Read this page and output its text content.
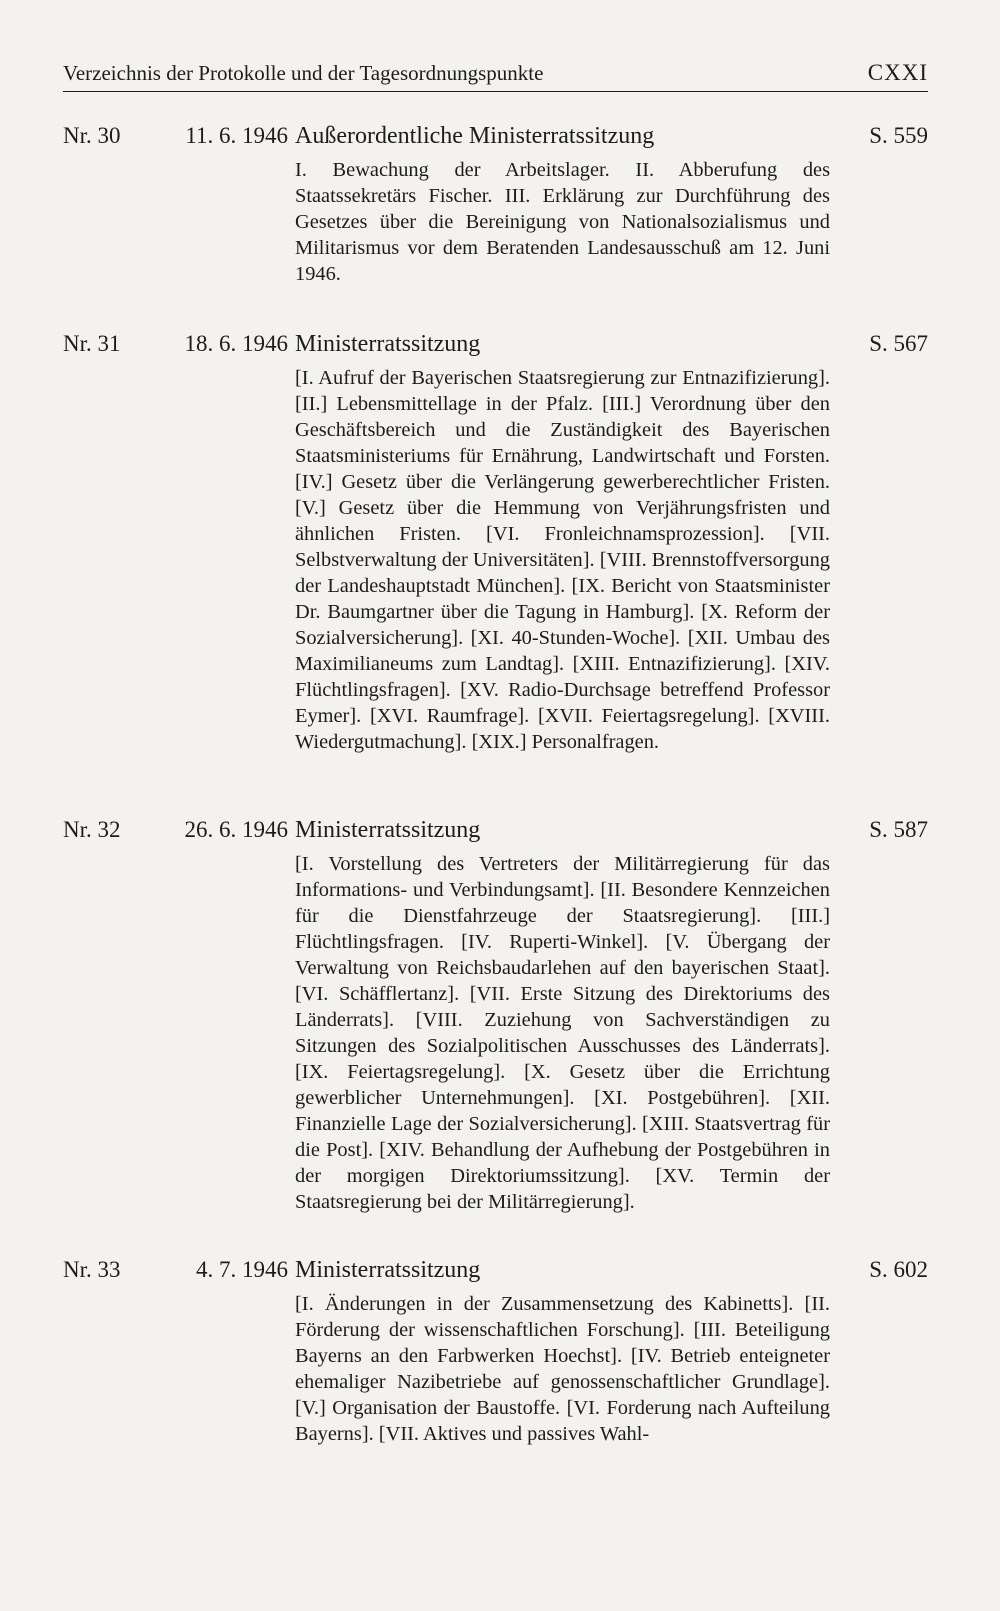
Verzeichnis der Protokolle und der Tagesordnungspunkte	CXXI
Nr. 30	11. 6. 1946 Außerordentliche Ministerratssitzung	S. 559
I. Bewachung der Arbeitslager. II. Abberufung des Staatssekretärs Fischer. III. Erklärung zur Durchführung des Gesetzes über die Bereinigung von Nationalsozialismus und Militarismus vor dem Beratenden Landesausschuß am 12. Juni 1946.
Nr. 31	18. 6. 1946 Ministerratssitzung	S. 567
[I. Aufruf der Bayerischen Staatsregierung zur Entnazifizierung]. [II.] Lebensmittellage in der Pfalz. [III.] Verordnung über den Geschäftsbereich und die Zuständigkeit des Bayerischen Staatsministeriums für Ernährung, Landwirtschaft und Forsten. [IV.] Gesetz über die Verlängerung gewerberechtlicher Fristen. [V.] Gesetz über die Hemmung von Verjährungsfristen und ähnlichen Fristen. [VI. Fronleichnamsprozession]. [VII. Selbstverwaltung der Universitäten]. [VIII. Brennstoffversorgung der Landeshauptstadt München]. [IX. Bericht von Staatsminister Dr. Baumgartner über die Tagung in Hamburg]. [X. Reform der Sozialversicherung]. [XI. 40-Stunden-Woche]. [XII. Umbau des Maximilianeums zum Landtag]. [XIII. Entnazifizierung]. [XIV. Flüchtlingsfragen]. [XV. Radio-Durchsage betreffend Professor Eymer]. [XVI. Raumfrage]. [XVII. Feiertagsregelung]. [XVIII. Wiedergutmachung]. [XIX.] Personalfragen.
Nr. 32	26. 6. 1946 Ministerratssitzung	S. 587
[I. Vorstellung des Vertreters der Militärregierung für das Informations- und Verbindungsamt]. [II. Besondere Kennzeichen für die Dienstfahrzeuge der Staatsregierung]. [III.] Flüchtlingsfragen. [IV. Ruperti-Winkel]. [V. Übergang der Verwaltung von Reichsbaudarlehen auf den bayerischen Staat]. [VI. Schäfflertanz]. [VII. Erste Sitzung des Direktoriums des Länderrats]. [VIII. Zuziehung von Sachverständigen zu Sitzungen des Sozialpolitischen Ausschusses des Länderrats]. [IX. Feiertagsregelung]. [X. Gesetz über die Errichtung gewerblicher Unternehmungen]. [XI. Postgebühren]. [XII. Finanzielle Lage der Sozialversicherung]. [XIII. Staatsvertrag für die Post]. [XIV. Behandlung der Aufhebung der Postgebühren in der morgigen Direktoriumssitzung]. [XV. Termin der Staatsregierung bei der Militärregierung].
Nr. 33	4. 7. 1946 Ministerratssitzung	S. 602
[I. Änderungen in der Zusammensetzung des Kabinetts]. [II. Förderung der wissenschaftlichen Forschung]. [III. Beteiligung Bayerns an den Farbwerken Hoechst]. [IV. Betrieb enteigneter ehemaliger Nazibetriebe auf genossenschaftlicher Grundlage]. [V.] Organisation der Baustoffe. [VI. Forderung nach Aufteilung Bayerns]. [VII. Aktives und passives Wahl-
